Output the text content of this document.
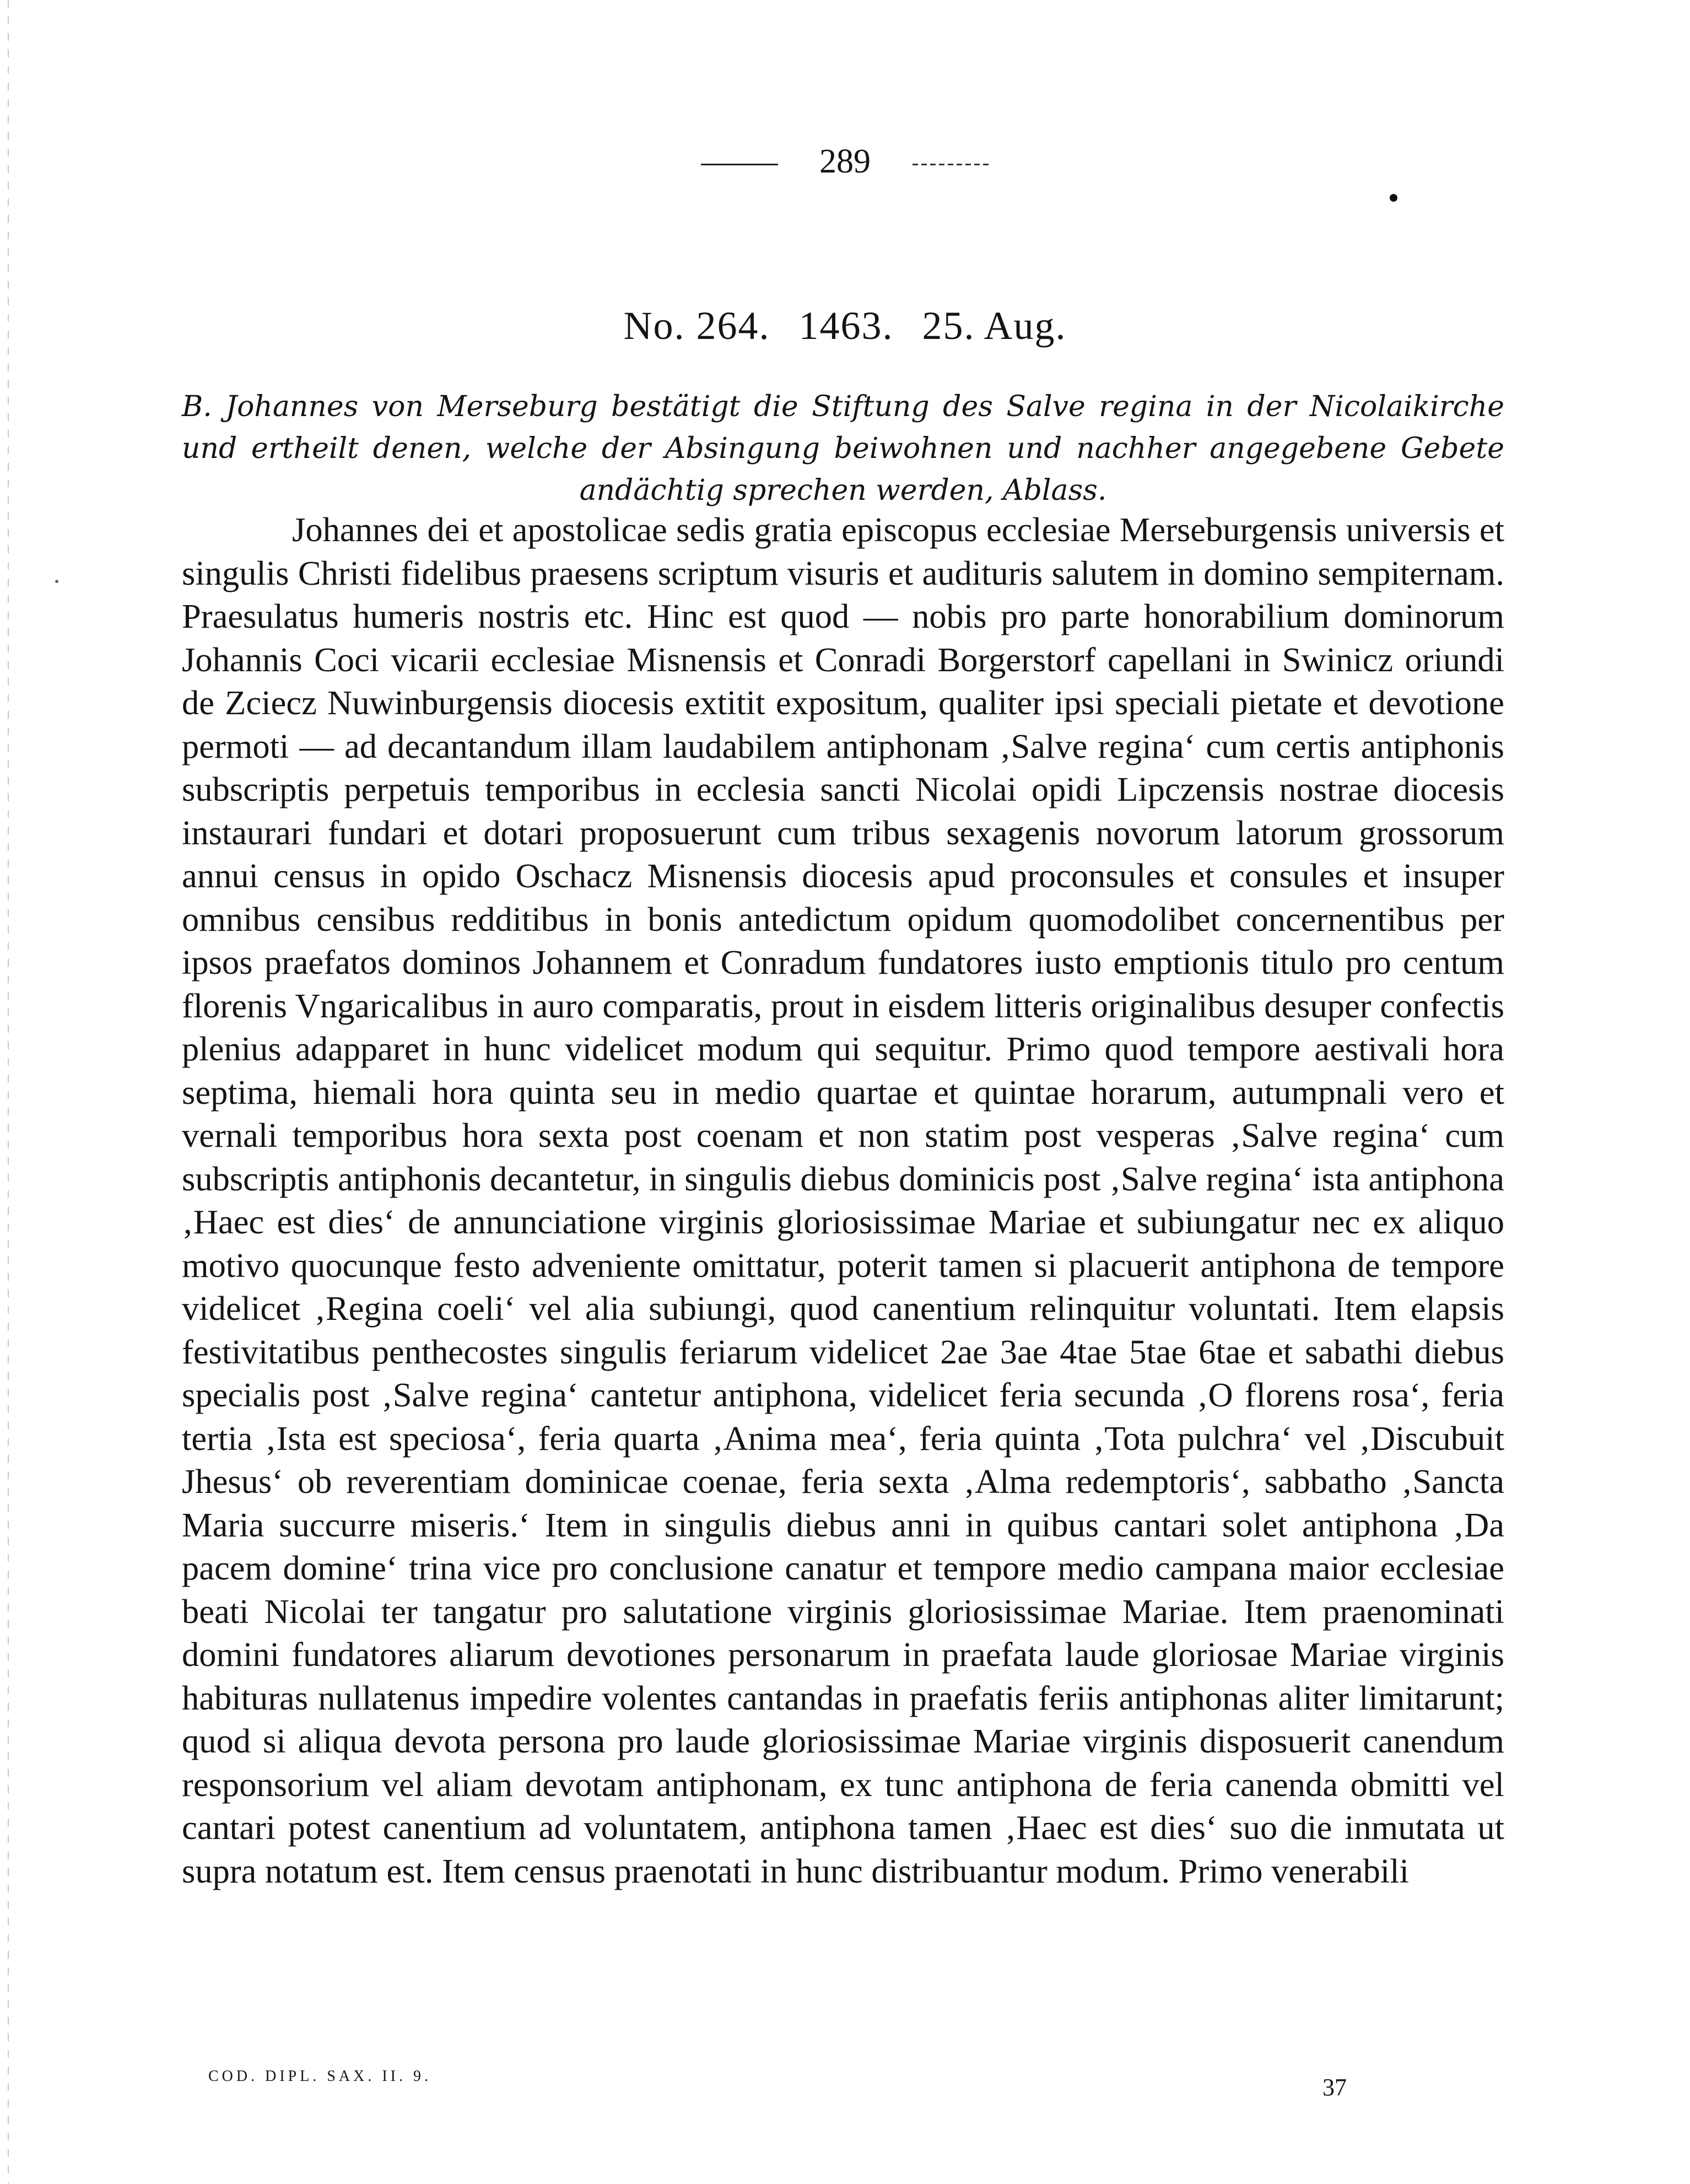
289
No. 264. 1463. 25. Aug.
B. Johannes von Merseburg bestätigt die Stiftung des Salve regina in der Nicolaikirche und ertheilt denen, welche der Absingung beiwohnen und nachher angegebene Gebete andächtig sprechen werden, Ablass.
Johannes dei et apostolicae sedis gratia episcopus ecclesiae Merseburgensis universis et singulis Christi fidelibus praesens scriptum visuris et audituris salutem in domino sempiternam. Praesulatus humeris nostris etc. Hinc est quod — nobis pro parte honorabilium dominorum Johannis Coci vicarii ecclesiae Misnensis et Conradi Borgerstorf capellani in Swinicz oriundi de Zciecz Nuwinburgensis diocesis extitit expositum, qualiter ipsi speciali pietate et devotione permoti — ad decantandum illam laudabilem antiphonam ‚Salve regina‘ cum certis antiphonis subscriptis perpetuis temporibus in ecclesia sancti Nicolai opidi Lipczensis nostrae diocesis instaurari fundari et dotari proposuerunt cum tribus sexagenis novorum latorum grossorum annui census in opido Oschacz Misnensis diocesis apud proconsules et consules et insuper omnibus censibus redditibus in bonis antedictum opidum quomodolibet concernentibus per ipsos praefatos dominos Johannem et Conradum fundatores iusto emptionis titulo pro centum florenis Vngaricalibus in auro comparatis, prout in eisdem litteris originalibus desuper confectis plenius adapparet in hunc videlicet modum qui sequitur. Primo quod tempore aestivali hora septima, hiemali hora quinta seu in medio quartae et quintae horarum, autumpnali vero et vernali temporibus hora sexta post coenam et non statim post vesperas ‚Salve regina‘ cum subscriptis antiphonis decantetur, in singulis diebus dominicis post ‚Salve regina‘ ista antiphona ‚Haec est dies‘ de annunciatione virginis gloriosissimae Mariae et subiungatur nec ex aliquo motivo quocunque festo adveniente omittatur, poterit tamen si placuerit antiphona de tempore videlicet ‚Regina coeli‘ vel alia subiungi, quod canentium relinquitur voluntati. Item elapsis festivitatibus penthecostes singulis feriarum videlicet 2ae 3ae 4tae 5tae 6tae et sabathi diebus specialis post ‚Salve regina‘ cantetur antiphona, videlicet feria secunda ‚O florens rosa‘, feria tertia ‚Ista est speciosa‘, feria quarta ‚Anima mea‘, feria quinta ‚Tota pulchra‘ vel ‚Discubuit Jhesus‘ ob reverentiam dominicae coenae, feria sexta ‚Alma redemptoris‘, sabbatho ‚Sancta Maria succurre miseris.‘ Item in singulis diebus anni in quibus cantari solet antiphona ‚Da pacem domine‘ trina vice pro conclusione canatur et tempore medio campana maior ecclesiae beati Nicolai ter tangatur pro salutatione virginis gloriosissimae Mariae. Item praenominati domini fundatores aliarum devotiones personarum in praefata laude gloriosae Mariae virginis habituras nullatenus impedire volentes cantandas in praefatis feriis antiphonas aliter limitarunt; quod si aliqua devota persona pro laude gloriosissimae Mariae virginis disposuerit canendum responsorium vel aliam devotam antiphonam, ex tunc antiphona de feria canenda obmitti vel cantari potest canentium ad voluntatem, antiphona tamen ‚Haec est dies‘ suo die inmutata ut supra notatum est. Item census praenotati in hunc distribuantur modum. Primo venerabili
COD. DIPL. SAX. II. 9.	37
